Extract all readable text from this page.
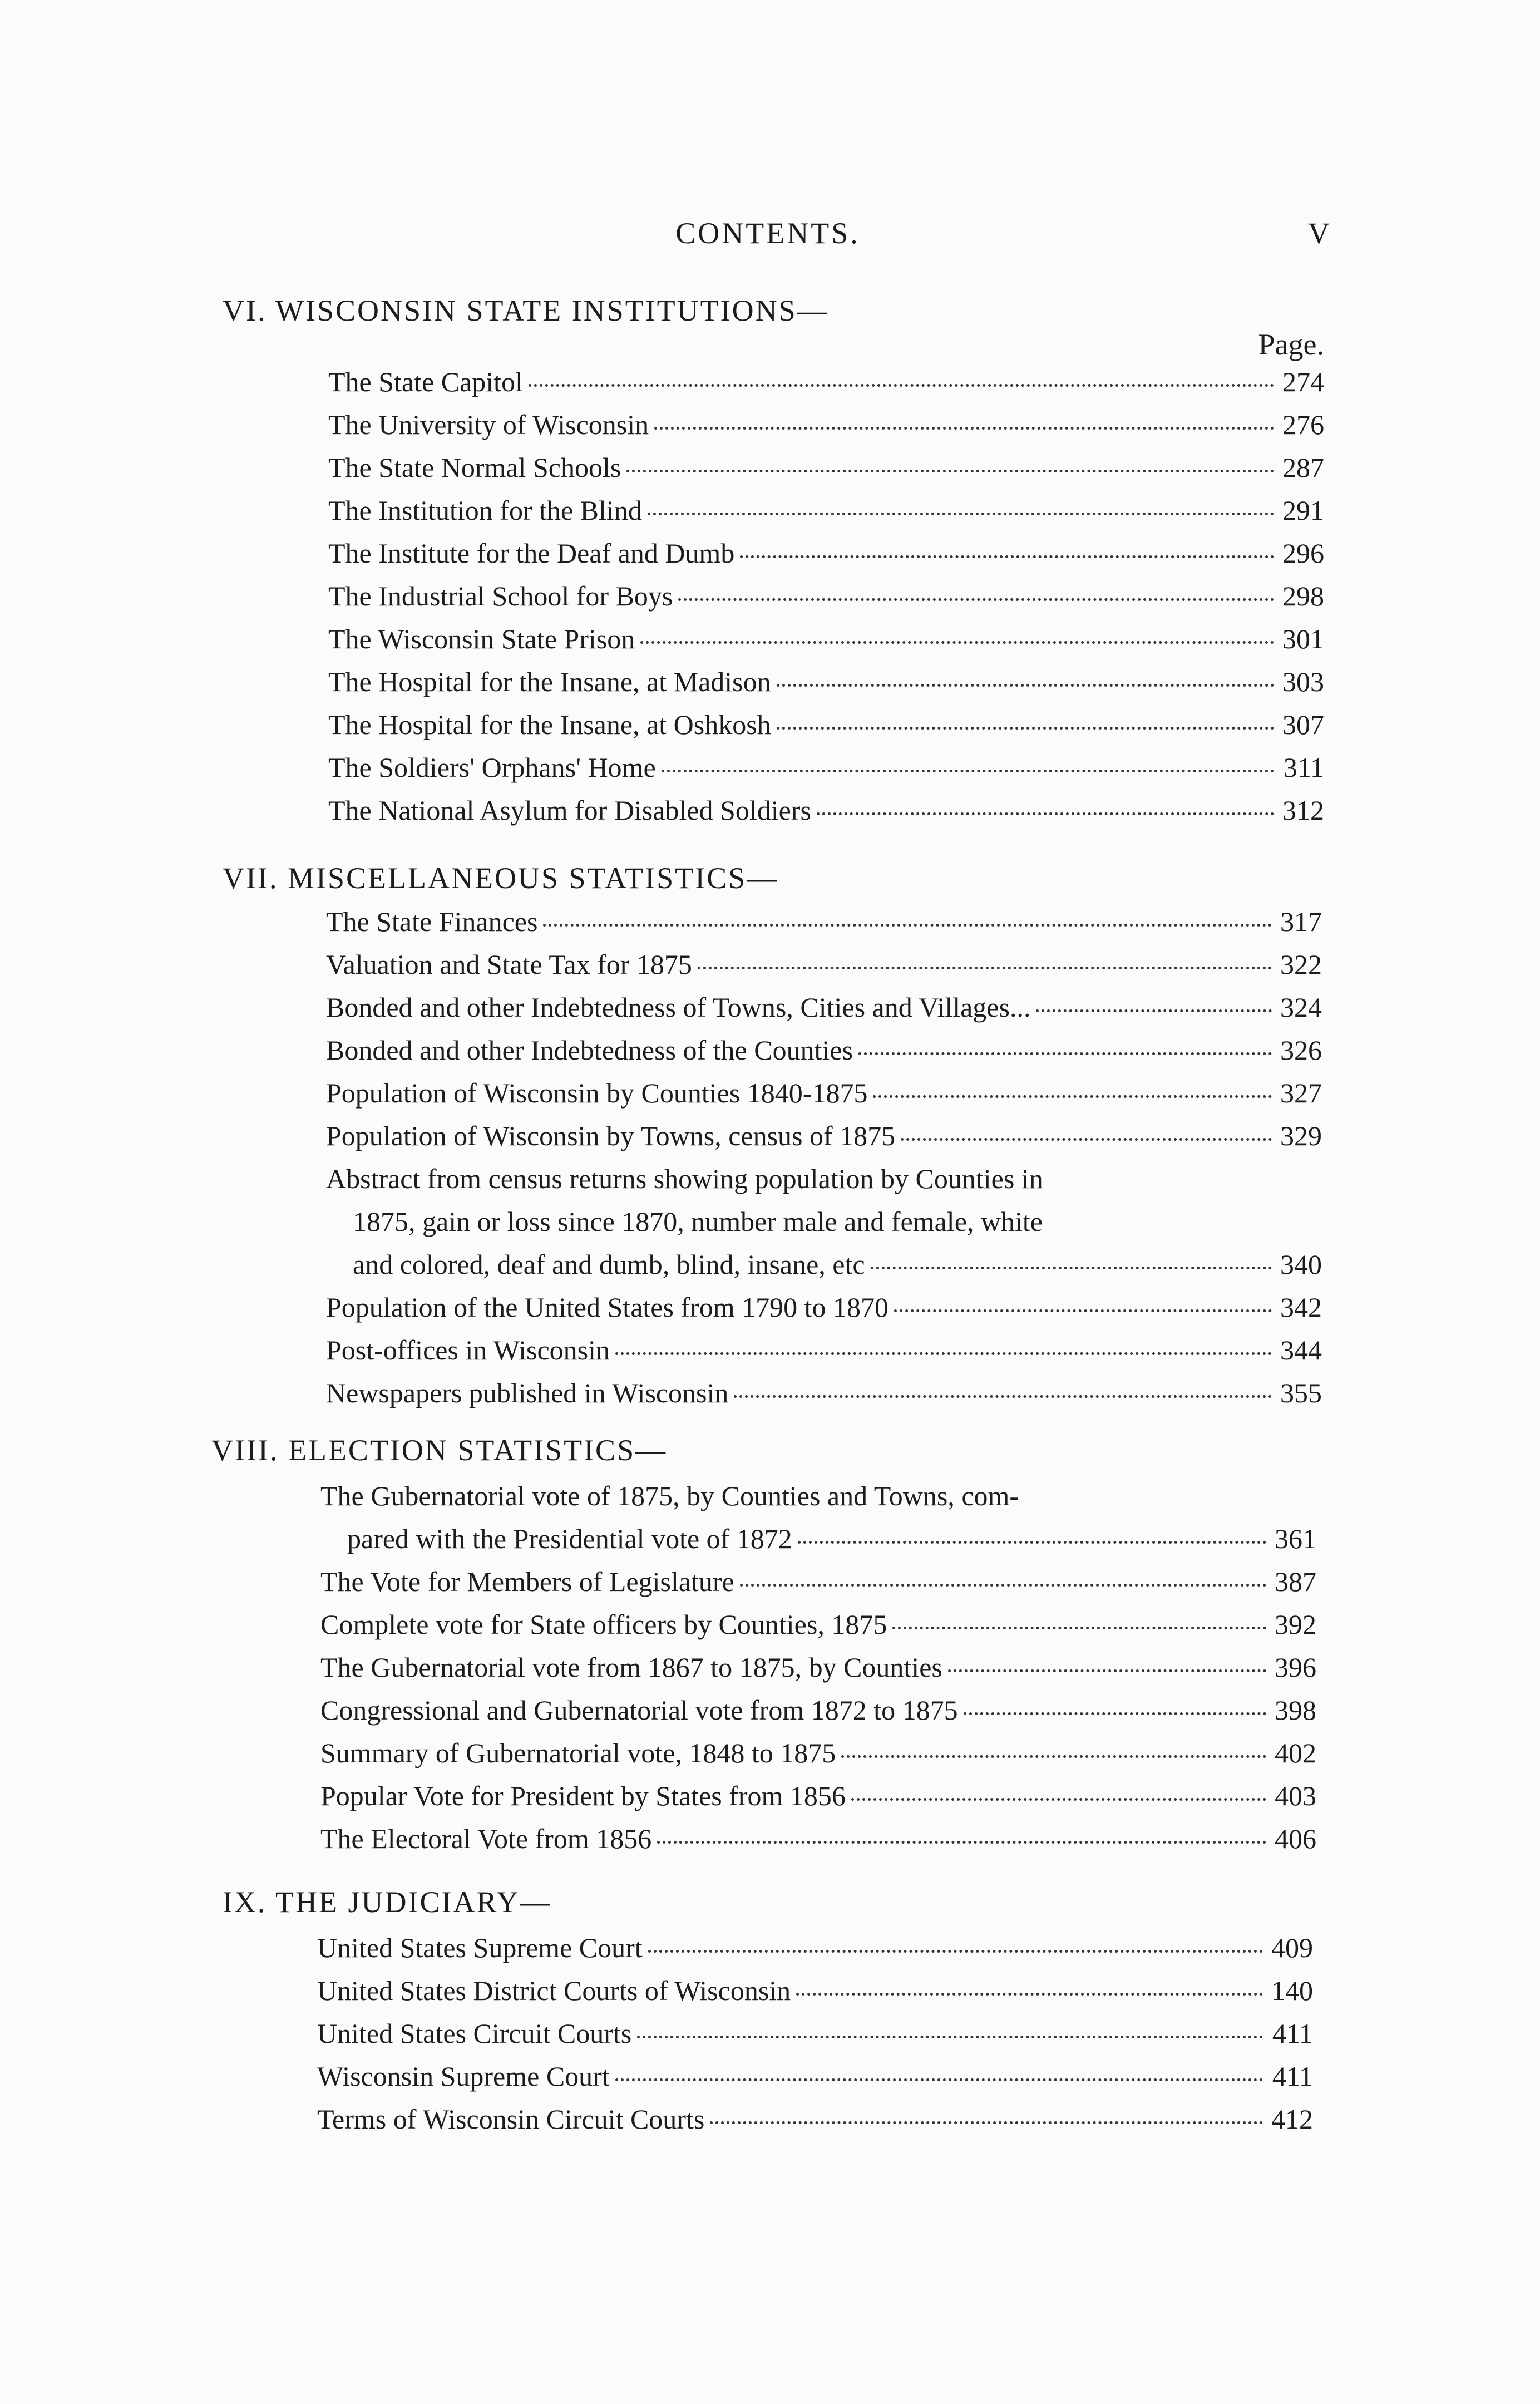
CONTENTS.	V
VI. WISCONSIN STATE INSTITUTIONS—
Page.
The State Capitol	274
The University of Wisconsin	276
The State Normal Schools	287
The Institution for the Blind	291
The Institute for the Deaf and Dumb	296
The Industrial School for Boys	298
The Wisconsin State Prison	301
The Hospital for the Insane, at Madison	303
The Hospital for the Insane, at Oshkosh	307
The Soldiers' Orphans' Home	311
The National Asylum for Disabled Soldiers	312
VII. MISCELLANEOUS STATISTICS—
The State Finances	317
Valuation and State Tax for 1875	322
Bonded and other Indebtedness of Towns, Cities and Villages...	324
Bonded and other Indebtedness of the Counties	326
Population of Wisconsin by Counties 1840-1875	327
Population of Wisconsin by Towns, census of 1875	329
Abstract from census returns showing population by Counties in
1875, gain or loss since 1870, number male and female, white
and colored, deaf and dumb, blind, insane, etc	340
Population of the United States from 1790 to 1870	342
Post-offices in Wisconsin	344
Newspapers published in Wisconsin	355
VIII. ELECTION STATISTICS—
The Gubernatorial vote of 1875, by Counties and Towns, com-
pared with the Presidential vote of 1872	361
The Vote for Members of Legislature	387
Complete vote for State officers by Counties, 1875	392
The Gubernatorial vote from 1867 to 1875, by Counties	396
Congressional and Gubernatorial vote from 1872 to 1875	398
Summary of Gubernatorial vote, 1848 to 1875	402
Popular Vote for President by States from 1856	403
The Electoral Vote from 1856	406
IX. THE JUDICIARY—
United States Supreme Court	409
United States District Courts of Wisconsin	140
United States Circuit Courts	411
Wisconsin Supreme Court	411
Terms of Wisconsin Circuit Courts	412
